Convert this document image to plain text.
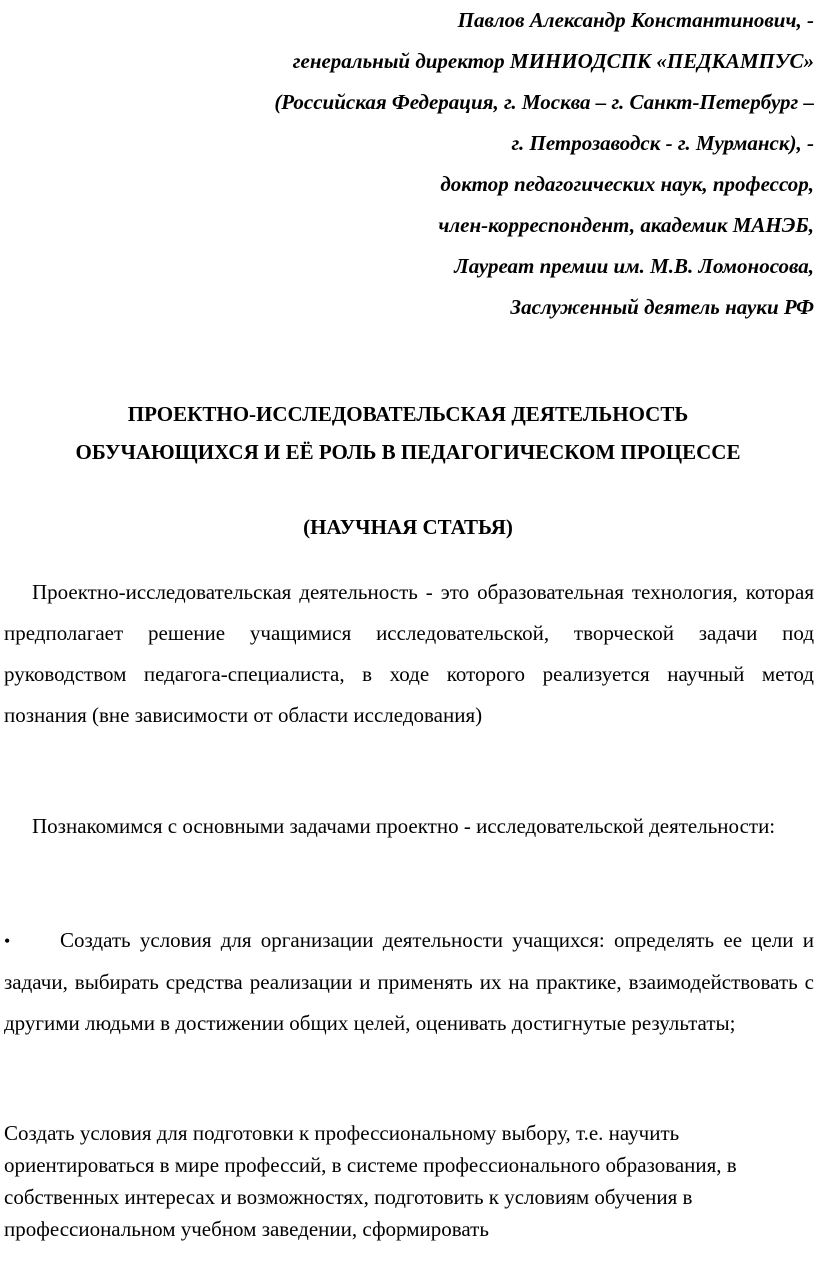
Павлов Александр Константинович, -
генеральный директор МИНИОДСПК «ПЕДКАМПУС»
(Российская Федерация, г. Москва – г. Санкт-Петербург –
г. Петрозаводск - г. Мурманск), -
доктор педагогических наук, профессор,
член-корреспондент, академик МАНЭБ,
Лауреат премии им. М.В. Ломоносова,
Заслуженный деятель науки РФ
ПРОЕКТНО-ИССЛЕДОВАТЕЛЬСКАЯ ДЕЯТЕЛЬНОСТЬ
ОБУЧАЮЩИХСЯ И ЕЁ РОЛЬ В ПЕДАГОГИЧЕСКОМ ПРОЦЕССЕ
(НАУЧНАЯ СТАТЬЯ)
Проектно-исследовательская деятельность - это образовательная технология, которая предполагает решение учащимися исследовательской, творческой задачи под руководством педагога-специалиста, в ходе которого реализуется научный метод познания (вне зависимости от области исследования)
Познакомимся с основными задачами проектно - исследовательской деятельности:
• Создать условия для организации деятельности учащихся: определять ее цели и задачи, выбирать средства реализации и применять их на практике, взаимодействовать с другими людьми в достижении общих целей, оценивать достигнутые результаты;
Создать условия для подготовки к профессиональному выбору, т.е. научить ориентироваться в мире профессий, в системе профессионального образования, в собственных интересах и возможностях, подготовить к условиям обучения в профессиональном учебном заведении, сформировать
